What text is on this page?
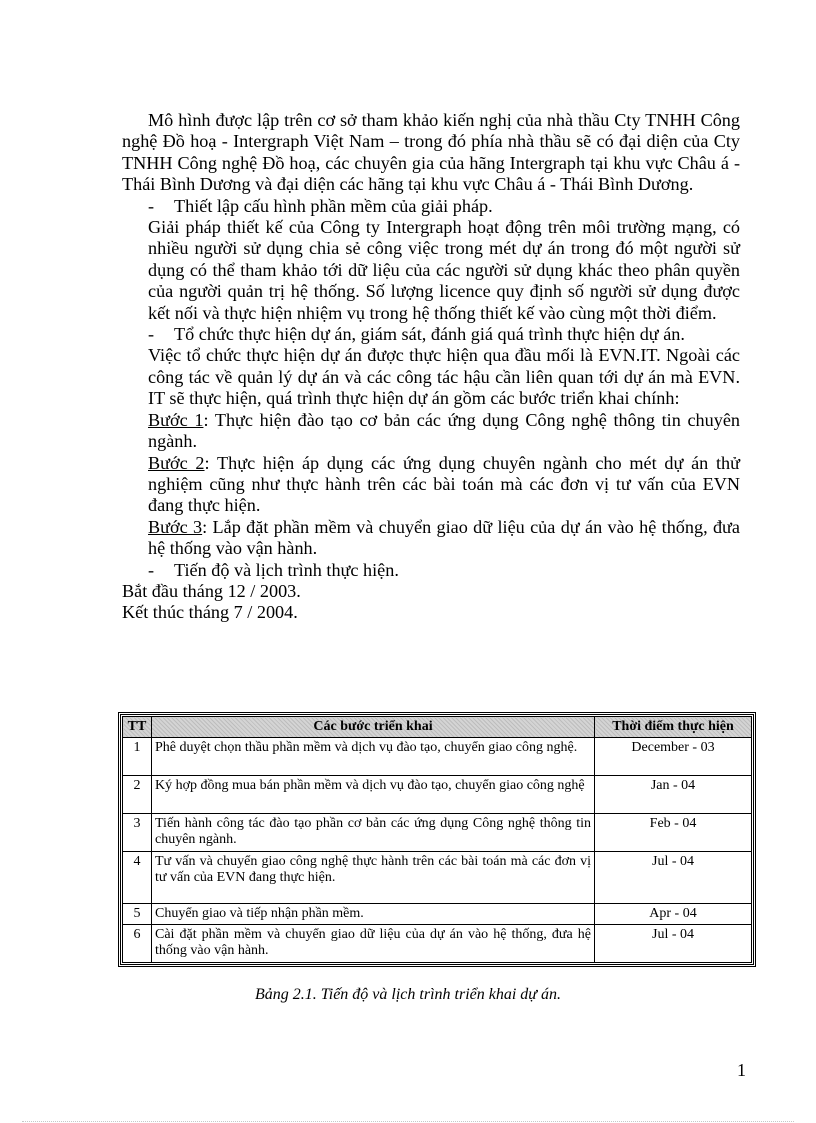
Mô hình được lập trên cơ sở tham khảo kiến nghị của nhà thầu Cty TNHH Công nghệ Đồ hoạ - Intergraph Việt Nam – trong đó phía nhà thầu sẽ có đại diện của Cty TNHH Công nghệ Đồ hoạ, các chuyên gia của hãng Intergraph tại khu vực Châu á - Thái Bình Dương và đại diện các hãng tại khu vực Châu á - Thái Bình Dương.

- Thiết lập cấu hình phần mềm của giải pháp.

Giải pháp thiết kế của Công ty Intergraph hoạt động trên môi trường mạng, có nhiều người sử dụng chia sẻ công việc trong mét dự án trong đó một người sử dụng có thể tham khảo tới dữ liệu của các người sử dụng khác theo phân quyền của người quản trị hệ thống. Số lượng licence quy định số người sử dụng được kết nối và thực hiện nhiệm vụ trong hệ thống thiết kế vào cùng một thời điểm.

- Tổ chức thực hiện dự án, giám sát, đánh giá quá trình thực hiện dự án.

Việc tổ chức thực hiện dự án được thực hiện qua đầu mối là EVN.IT. Ngoài các công tác về quản lý dự án và các công tác hậu cần liên quan tới dự án mà EVN. IT sẽ thực hiện, quá trình thực hiện dự án gồm các bước triển khai chính:

Bước 1: Thực hiện đào tạo cơ bản các ứng dụng Công nghệ thông tin chuyên ngành.

Bước 2: Thực hiện áp dụng các ứng dụng chuyên ngành cho mét dự án thử nghiệm cũng như thực hành trên các bài toán mà các đơn vị tư vấn của EVN đang thực hiện.

Bước 3: Lắp đặt phần mềm và chuyển giao dữ liệu của dự án vào hệ thống, đưa hệ thống vào vận hành.

- Tiến độ và lịch trình thực hiện.

Bắt đầu tháng 12 / 2003.

Kết thúc tháng 7 / 2004.

TT	Các bước triển khai	Thời điểm thực hiện
1	Phê duyệt chọn thầu phần mềm và dịch vụ đào tạo, chuyển giao công nghệ.	December - 03
2	Ký hợp đồng mua bán phần mềm và dịch vụ đào tạo, chuyển giao công nghệ	Jan - 04
3	Tiến hành công tác đào tạo phần cơ bản các ứng dụng Công nghệ thông tin chuyên ngành.	Feb - 04
4	Tư vấn và chuyển giao công nghệ thực hành trên các bài toán mà các đơn vị tư vấn của EVN đang thực hiện.	Jul - 04
5	Chuyển giao và tiếp nhận phần mềm.	Apr - 04
6	Cài đặt phần mềm và chuyển giao dữ liệu của dự án vào hệ thống, đưa hệ thống vào vận hành.	Jul - 04
Bảng 2.1. Tiến độ và lịch trình triển khai dự án.
1
